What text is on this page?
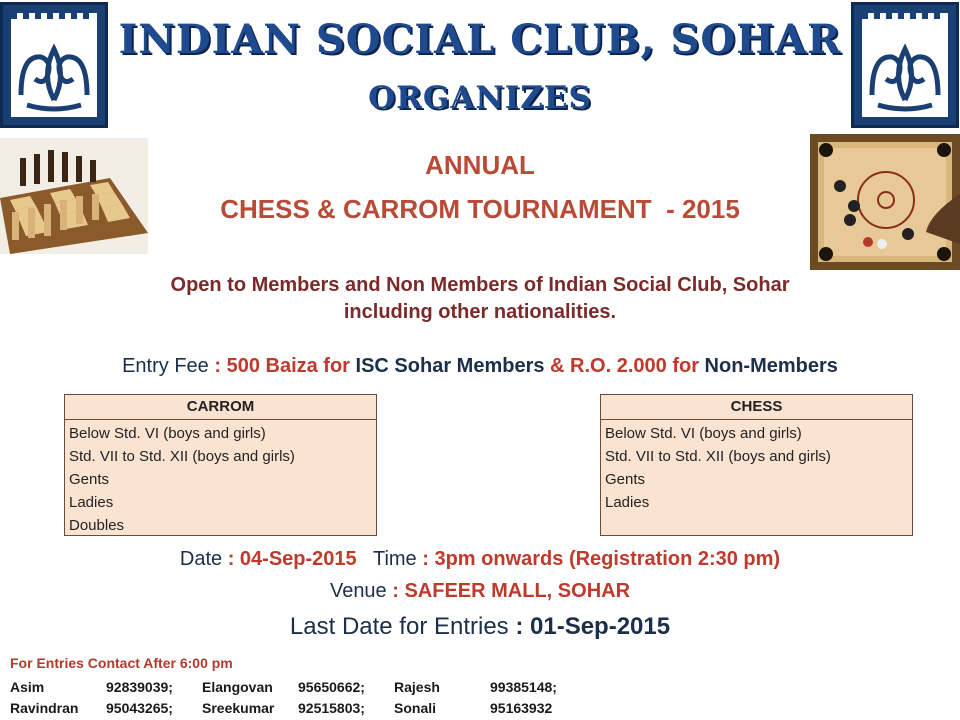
INDIAN SOCIAL CLUB, SOHAR
ORGANIZES
ANNUAL
CHESS & CARROM TOURNAMENT  - 2015
Open to Members and Non Members of Indian Social Club, Sohar
including other nationalities.
Entry Fee : 500 Baiza for ISC Sohar Members & R.O. 2.000 for Non-Members
CARROM
Below Std. VI (boys and girls)
Std. VII to Std. XII (boys and girls)
Gents
Ladies
Doubles
CHESS
Below Std. VI (boys and girls)
Std. VII to Std. XII (boys and girls)
Gents
Ladies
Date : 04-Sep-2015   Time : 3pm onwards (Registration 2:30 pm)
Venue : SAFEER MALL, SOHAR
Last Date for Entries : 01-Sep-2015
For Entries Contact After 6:00 pm
Asim	92839039; Elangovan 95650662; Rajesh	99385148;
Ravindran 95043265; Sreekumar 92515803; Sonali	95163932
